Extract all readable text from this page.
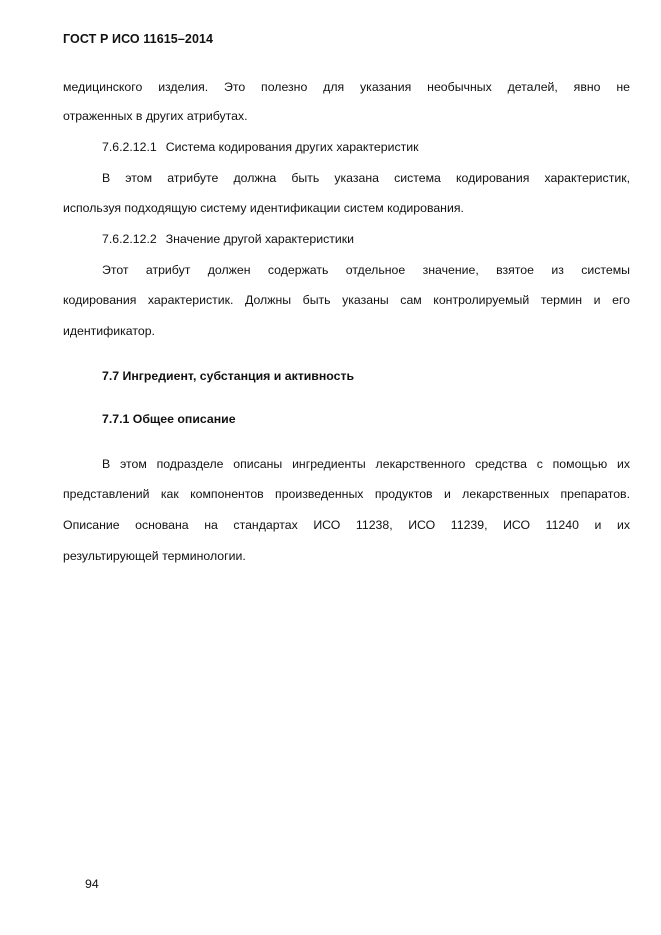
ГОСТ Р ИСО 11615–2014

медицинского изделия. Это полезно для указания необычных деталей, явно не

отраженных в других атрибутах.

7.6.2.12.1 Система кодирования других характеристик

В этом атрибуте должна быть указана система кодирования характеристик,

используя подходящую систему идентификации систем кодирования.

7.6.2.12.2 Значение другой характеристики

Этот атрибут должен содержать отдельное значение, взятое из системы

кодирования характеристик. Должны быть указаны сам контролируемый термин и его

идентификатор.

7.7 Ингредиент, субстанция и активность
7.7.1 Общее описание

В этом подразделе описаны ингредиенты лекарственного средства с помощью их

представлений как компонентов произведенных продуктов и лекарственных препаратов.

Описание основана на стандартах ИСО 11238, ИСО 11239, ИСО 11240 и их

результирующей терминологии.

94
